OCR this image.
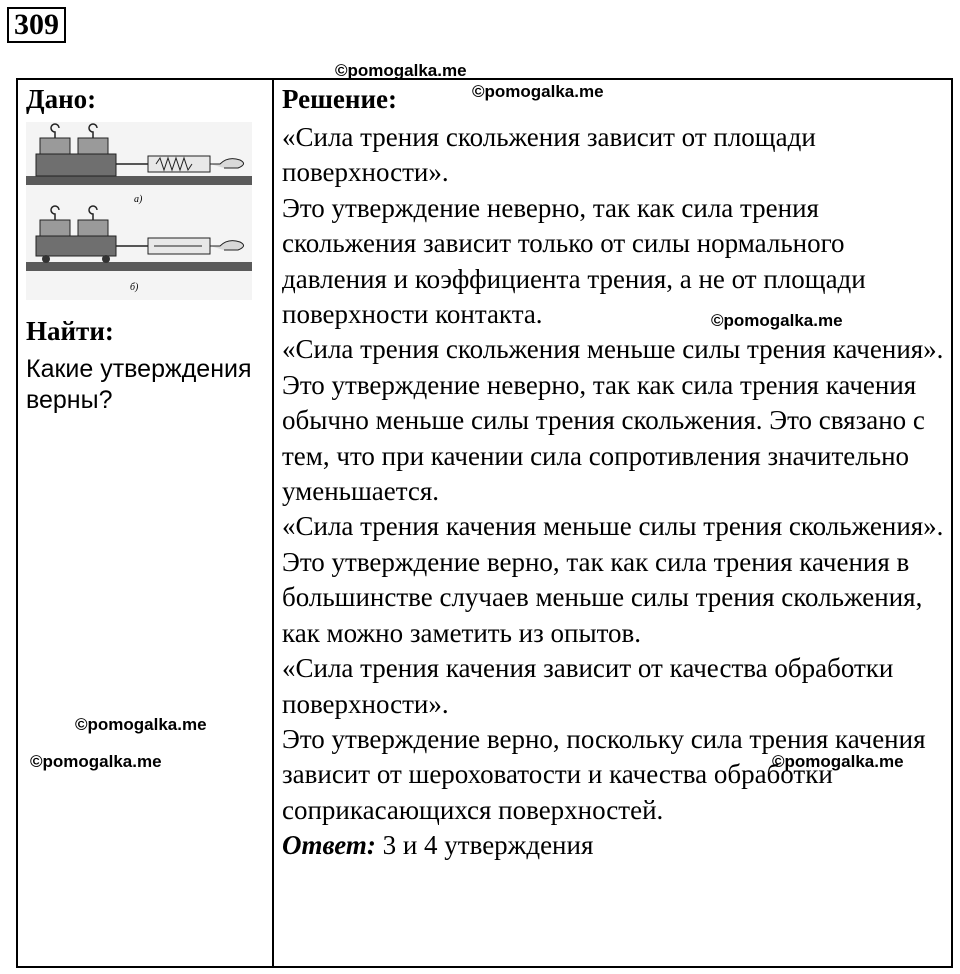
309
Дано:
а)
б)
Найти:
Какие утверждения верны?

Решение:

«Сила трения скольжения зависит от площади поверхности».

Это утверждение неверно, так как сила трения скольжения зависит только от силы нормального давления и коэффициента трения, а не от площади поверхности контакта.

«Сила трения скольжения меньше силы трения качения».

Это утверждение неверно, так как сила трения качения обычно меньше силы трения скольжения. Это связано с тем, что при качении сила сопротивления значительно уменьшается.

«Сила трения качения меньше силы трения скольжения».

Это утверждение верно, так как сила трения качения в большинстве случаев меньше силы трения скольжения, как можно заметить из опытов.

«Сила трения качения зависит от качества обработки поверхности».

Это утверждение верно, поскольку сила трения качения зависит от шероховатости и качества обработки соприкасающихся поверхностей.

Ответ: 3 и 4 утверждения

©pomogalka.me
©pomogalka.me
©pomogalka.me
©pomogalka.me
©pomogalka.me	©pomogalka.me
